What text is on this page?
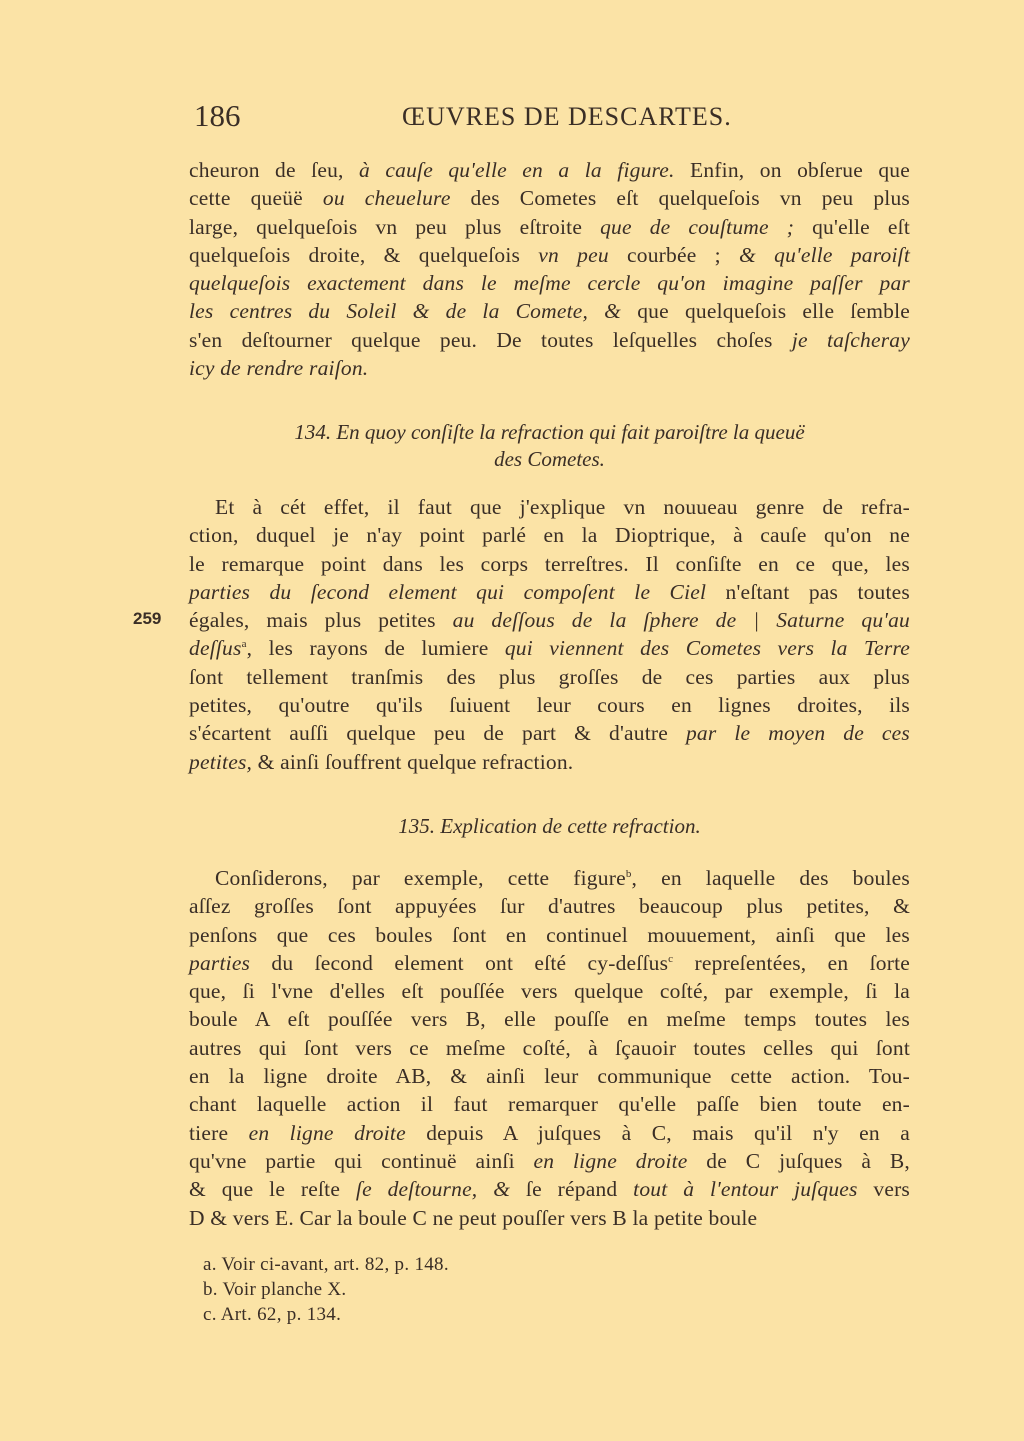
186	ŒUVRES DE DESCARTES.
cheuron de ſeu, à cauſe qu'elle en a la figure. Enfin, on obſerue que
cette queüë ou cheuelure des Cometes eſt quelqueſois vn peu plus
large, quelqueſois vn peu plus eſtroite que de couſtume ; qu'elle eſt
quelqueſois droite, & quelqueſois vn peu courbée ; & qu'elle paroiſt
quelqueſois exactement dans le meſme cercle qu'on imagine paſſer par
les centres du Soleil & de la Comete, & que quelqueſois elle ſemble
s'en deſtourner quelque peu. De toutes leſquelles choſes je taſcheray
icy de rendre raiſon.
134. En quoy conſiſte la refraction qui fait paroiſtre la queuë
des Cometes.
Et à cét effet, il faut que j'explique vn nouueau genre de refra-
ction, duquel je n'ay point parlé en la Dioptrique, à cauſe qu'on ne
le remarque point dans les corps terreſtres. Il conſiſte en ce que, les
parties du ſecond element qui compoſent le Ciel n'eſtant pas toutes
égales, mais plus petites au deſſous de la ſphere de | Saturne qu'au
deſſus$^a$, les rayons de lumiere qui viennent des Cometes vers la Terre
ſont tellement tranſmis des plus groſſes de ces parties aux plus
petites, qu'outre qu'ils ſuiuent leur cours en lignes droites, ils
s'écartent auſſi quelque peu de part & d'autre par le moyen de ces
petites, & ainſi ſouffrent quelque refraction.
259
135. Explication de cette refraction.
Conſiderons, par exemple, cette figure$^b$, en laquelle des boules
aſſez groſſes ſont appuyées ſur d'autres beaucoup plus petites, &
penſons que ces boules ſont en continuel mouuement, ainſi que les
parties du ſecond element ont eſté cy-deſſus$^c$ repreſentées, en ſorte
que, ſi l'vne d'elles eſt pouſſée vers quelque coſté, par exemple, ſi la
boule A eſt pouſſée vers B, elle pouſſe en meſme temps toutes les
autres qui ſont vers ce meſme coſté, à ſçauoir toutes celles qui ſont
en la ligne droite AB, & ainſi leur communique cette action. Tou-
chant laquelle action il faut remarquer qu'elle paſſe bien toute en-
tiere en ligne droite depuis A juſques à C, mais qu'il n'y en a
qu'vne partie qui continuë ainſi en ligne droite de C juſques à B,
& que le reſte ſe deſtourne, & ſe répand tout à l'entour juſques vers
D & vers E. Car la boule C ne peut pouſſer vers B la petite boule
a. Voir ci-avant, art. 82, p. 148.
b. Voir planche X.
c. Art. 62, p. 134.
